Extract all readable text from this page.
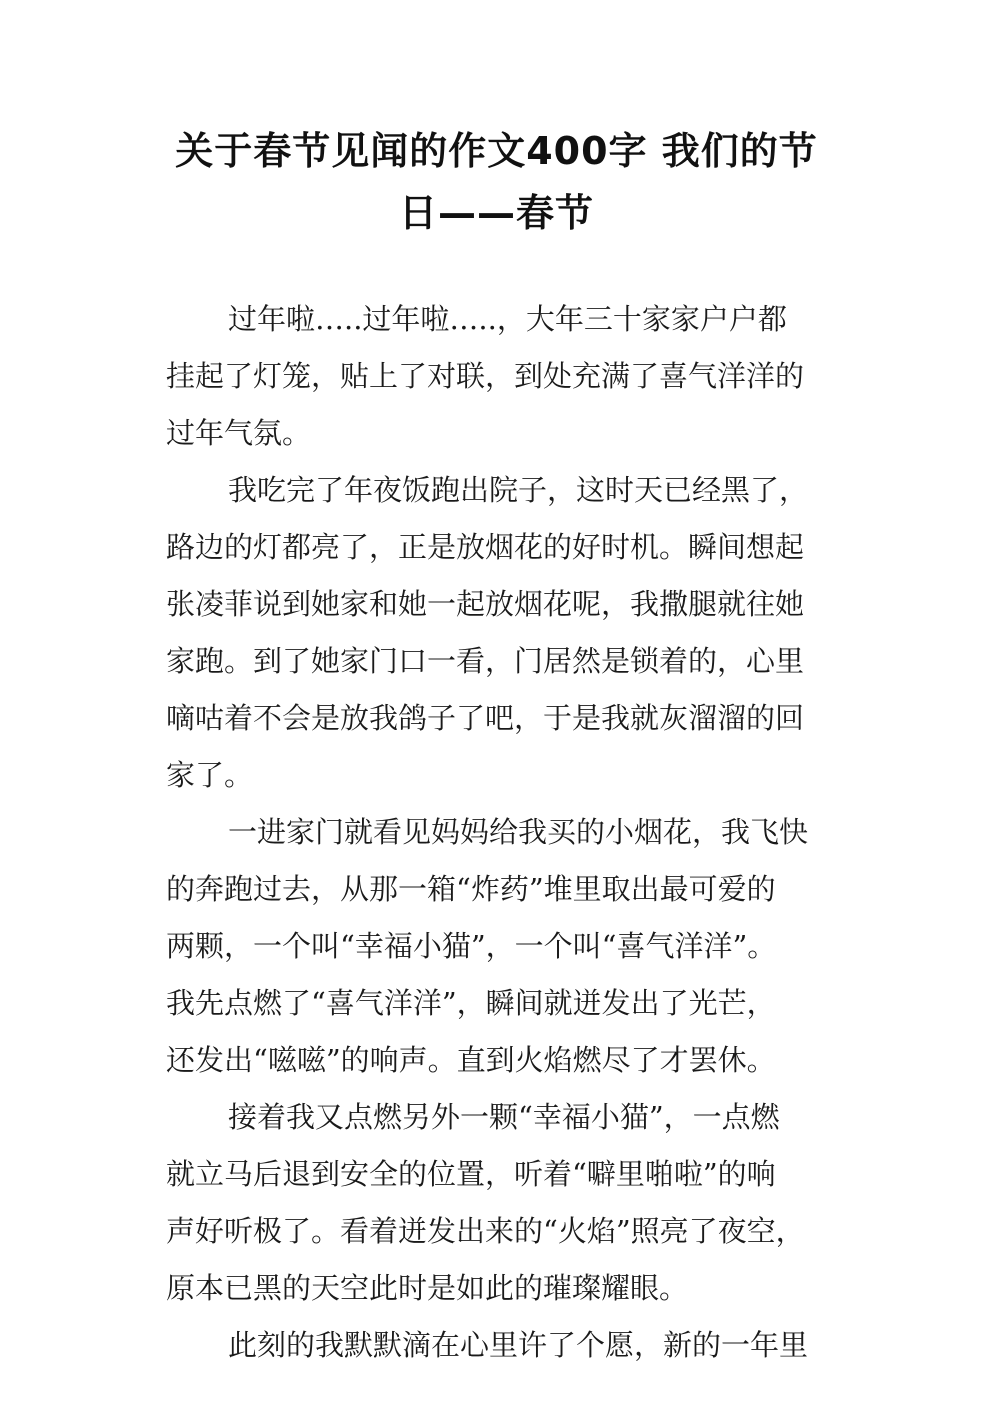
关于春节见闻的作文400字 我们的节
日——春节
过年啦…..过年啦…..，大年三十家家户户都
挂起了灯笼，贴上了对联，到处充满了喜气洋洋的
过年气氛。
我吃完了年夜饭跑出院子，这时天已经黑了，
路边的灯都亮了，正是放烟花的好时机。瞬间想起
张凌菲说到她家和她一起放烟花呢，我撒腿就往她
家跑。到了她家门口一看，门居然是锁着的，心里
嘀咕着不会是放我鸽子了吧，于是我就灰溜溜的回
家了。
一进家门就看见妈妈给我买的小烟花，我飞快
的奔跑过去，从那一箱“炸药”堆里取出最可爱的
两颗，一个叫“幸福小猫”，一个叫“喜气洋洋”。
我先点燃了“喜气洋洋”，瞬间就迸发出了光芒，
还发出“嗞嗞”的响声。直到火焰燃尽了才罢休。
接着我又点燃另外一颗“幸福小猫”，一点燃
就立马后退到安全的位置，听着“噼里啪啦”的响
声好听极了。看着迸发出来的“火焰”照亮了夜空，
原本已黑的天空此时是如此的璀璨耀眼。
此刻的我默默滴在心里许了个愿，新的一年里
